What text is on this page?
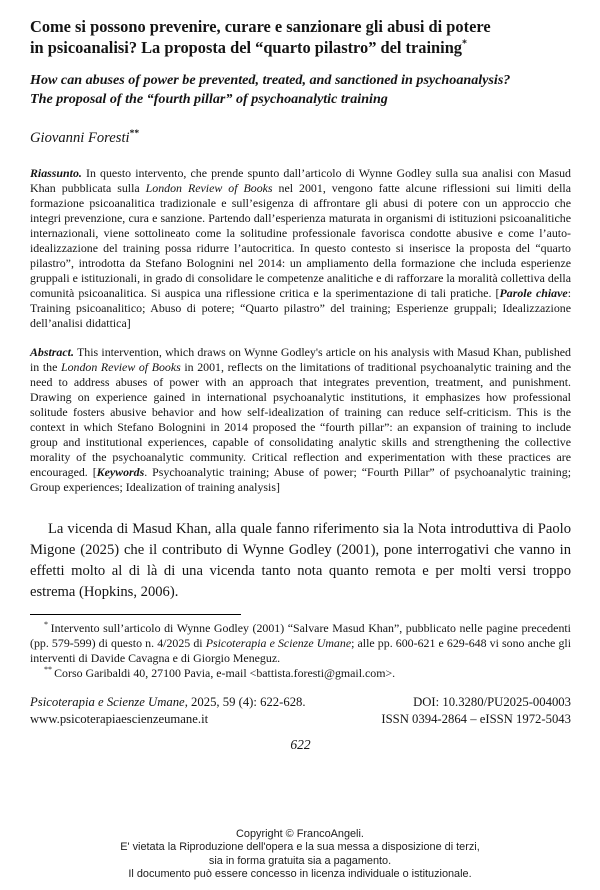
Come si possono prevenire, curare e sanzionare gli abusi di potere
in psicoanalisi? La proposta del “quarto pilastro” del training*
How can abuses of power be prevented, treated, and sanctioned in psychoanalysis?
The proposal of the “fourth pillar” of psychoanalytic training
Giovanni Foresti**

Riassunto. In questo intervento, che prende spunto dall’articolo di Wynne Godley sulla sua analisi con Masud Khan pubblicata sulla London Review of Books nel 2001, vengono fatte alcune riflessioni sui limiti della formazione psicoanalitica tradizionale e sull’esigenza di affrontare gli abusi di potere con un approccio che integri prevenzione, cura e sanzione. Partendo dall’esperienza maturata in organismi di istituzioni psicoanalitiche internazionali, viene sottolineato come la solitudine professionale favorisca condotte abusive e come l’auto-idealizzazione del training possa ridurre l’autocritica. In questo contesto si inserisce la proposta del “quarto pilastro”, introdotta da Stefano Bolognini nel 2014: un ampliamento della formazione che includa esperienze gruppali e istituzionali, in grado di consolidare le competenze analitiche e di rafforzare la moralità collettiva della comunità psicoanalitica. Si auspica una riflessione critica e la sperimentazione di tali pratiche. [Parole chiave: Training psicoanalitico; Abuso di potere; “Quarto pilastro” del training; Esperienze gruppali; Idealizzazione dell’analisi didattica]

Abstract. This intervention, which draws on Wynne Godley's article on his analysis with Masud Khan, published in the London Review of Books in 2001, reflects on the limitations of traditional psychoanalytic training and the need to address abuses of power with an approach that integrates prevention, treatment, and punishment. Drawing on experience gained in international psychoanalytic institutions, it emphasizes how professional solitude fosters abusive behavior and how self-idealization of training can reduce self-criticism. This is the context in which Stefano Bolognini in 2014 proposed the “fourth pillar”: an expansion of training to include group and institutional experiences, capable of consolidating analytic skills and strengthening the collective morality of the psychoanalytic community. Critical reflection and experimentation with these practices are encouraged. [Keywords. Psychoanalytic training; Abuse of power; “Fourth Pillar” of psychoanalytic training; Group experiences; Idealization of training analysis]

La vicenda di Masud Khan, alla quale fanno riferimento sia la Nota introduttiva di Paolo Migone (2025) che il contributo di Wynne Godley (2001), pone interrogativi che vanno in effetti molto al di là di una vicenda tanto nota quanto remota e per molti versi troppo estrema (Hopkins, 2006).

* Intervento sull’articolo di Wynne Godley (2001) “Salvare Masud Khan”, pubblicato nelle pagine precedenti (pp. 579-599) di questo n. 4/2025 di Psicoterapia e Scienze Umane; alle pp. 600-621 e 629-648 vi sono anche gli interventi di Davide Cavagna e di Giorgio Meneguz.

** Corso Garibaldi 40, 27100 Pavia, e-mail <battista.foresti@gmail.com>.

Psicoterapia e Scienze Umane, 2025, 59 (4): 622-628.	DOI: 10.3280/PU2025-004003
www.psicoterapiaescienzeumane.it	ISSN 0394-2864 – eISSN 1972-5043
622
Copyright © FrancoAngeli.
E' vietata la Riproduzione dell'opera e la sua messa a disposizione di terzi,
sia in forma gratuita sia a pagamento.
Il documento può essere concesso in licenza individuale o istituzionale.
